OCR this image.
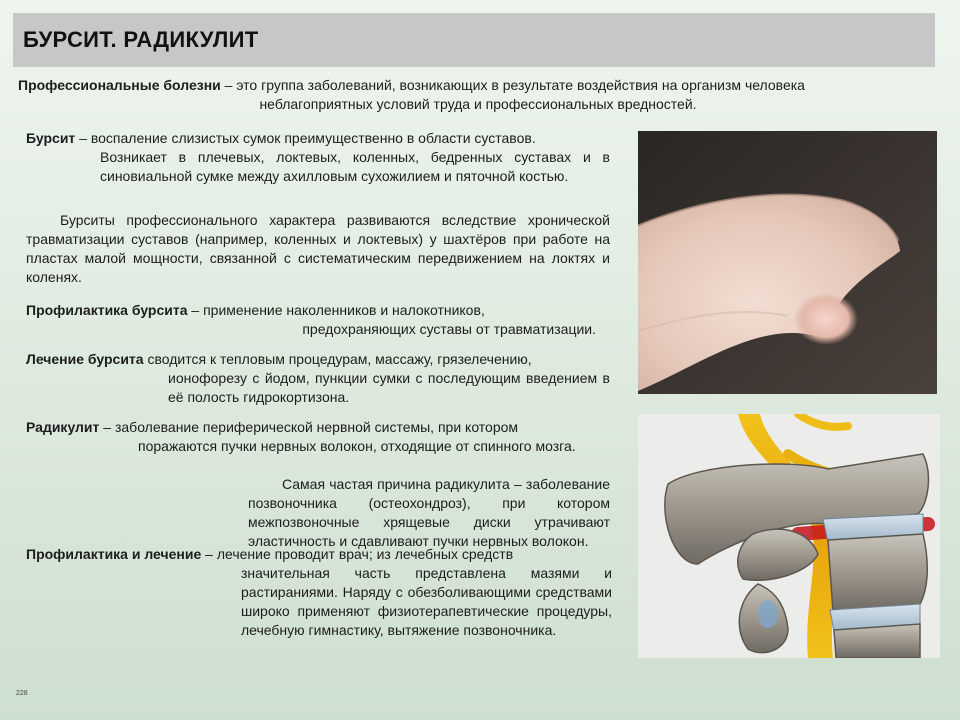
БУРСИТ. РАДИКУЛИТ

Профессиональные болезни – это группа заболеваний, возникающих в результате воздействия на организм человека
неблагоприятных условий труда и профессиональных вредностей.

Бурсит – воспаление слизистых сумок преимущественно в области суставов.
Возникает в плечевых, локтевых, коленных, бедренных суставах и в синовиальной сумке между ахилловым сухожилием и пяточной костью.

Бурситы профессионального характера развиваются вследствие хронической травматизации суставов (например, коленных и локтевых) у шахтёров при работе на пластах малой мощности, связанной с систематическим передвижением на локтях и коленях.

Профилактика бурсита – применение наколенников и налокотников,
предохраняющих суставы от травматизации.

Лечение бурсита сводится к тепловым процедурам, массажу, грязелечению,
ионофорезу с йодом, пункции сумки с последующим введением в её полость гидрокортизона.

Радикулит – заболевание периферической нервной системы, при котором
поражаются пучки нервных волокон, отходящие от спинного мозга.

Самая частая причина радикулита – заболевание позвоночника (остеохондроз), при котором межпозвоночные хрящевые диски утрачивают эластичность и сдавливают пучки нервных волокон.

Профилактика и лечение – лечение проводит врач; из лечебных средств
значительная часть представлена мазями и растираниями. Наряду с обезболивающими средствами широко применяют физиотерапевтические процедуры, лечебную гимнастику, вытяжение позвоночника.

228
